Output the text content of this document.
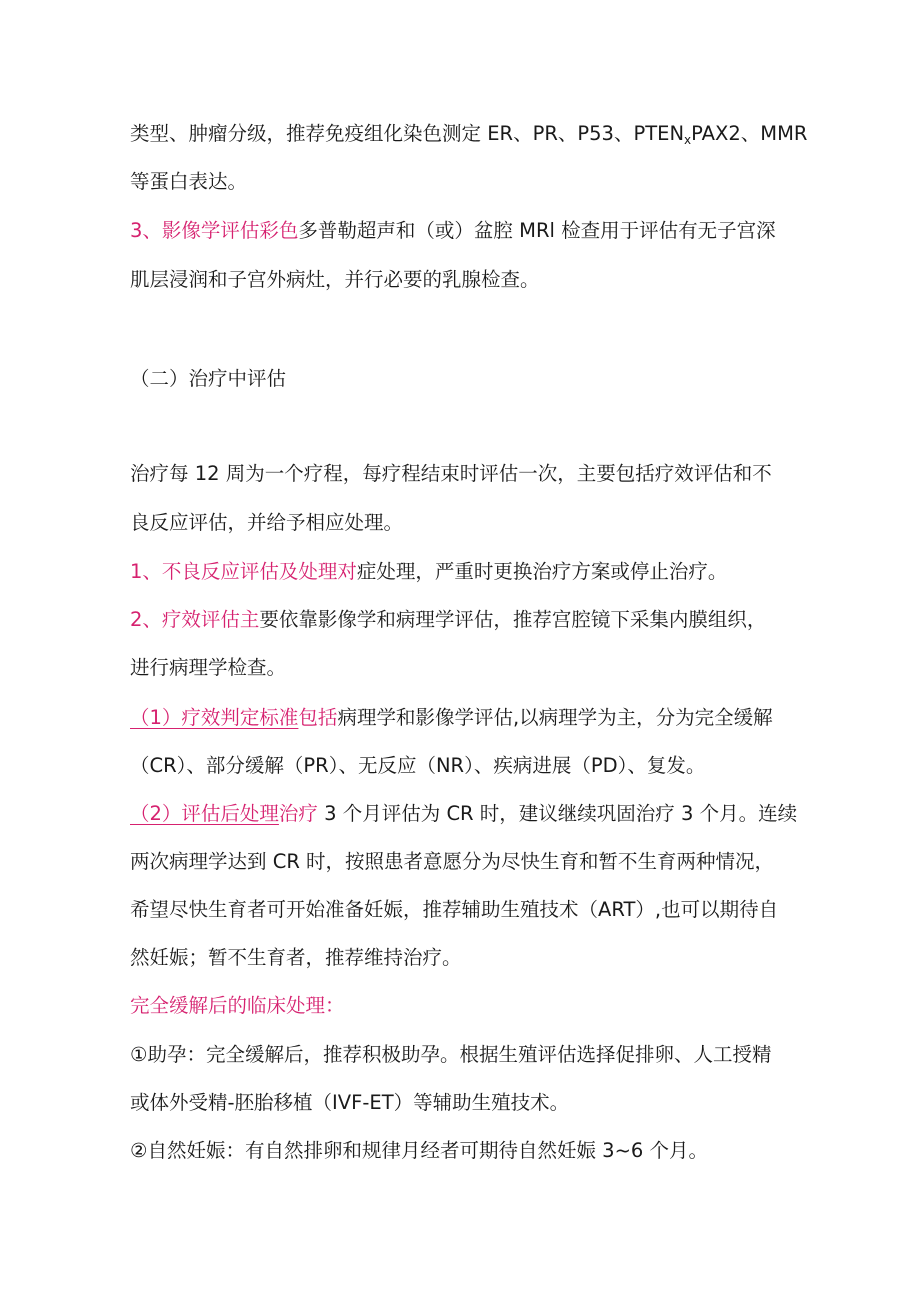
类型、肿瘤分级，推荐免疫组化染色测定 ER、PR、P53、$PTEN_xPAX2$、MMR
等蛋白表达。
3、影像学评估彩色多普勒超声和（或）盆腔 MRl 检查用于评估有无子宫深
肌层浸润和子宫外病灶，并行必要的乳腺检查。
（二）治疗中评估
治疗每 12 周为一个疗程，每疗程结束时评估一次，主要包括疗效评估和不
良反应评估，并给予相应处理。
1、不良反应评估及处理对症处理，严重时更换治疗方案或停止治疗。
2、疗效评估主要依靠影像学和病理学评估，推荐宫腔镜下采集内膜组织，
进行病理学检查。
（1）疗效判定标准包括病理学和影像学评估,以病理学为主，分为完全缓解
（CR）、部分缓解（PR）、无反应（NR）、疾病进展（PD）、复发。
（2）评估后处理治疗 3 个月评估为 CR 时，建议继续巩固治疗 3 个月。连续
两次病理学达到 CR 时，按照患者意愿分为尽快生育和暂不生育两种情况，
希望尽快生育者可开始准备妊娠，推荐辅助生殖技术（ART）,也可以期待自
然妊娠；暂不生育者，推荐维持治疗。
完全缓解后的临床处理：
①助孕：完全缓解后，推荐积极助孕。根据生殖评估选择促排卵、人工授精
或体外受精-胚胎移植（IVF-ET）等辅助生殖技术。
②自然妊娠：有自然排卵和规律月经者可期待自然妊娠 3~6 个月。
